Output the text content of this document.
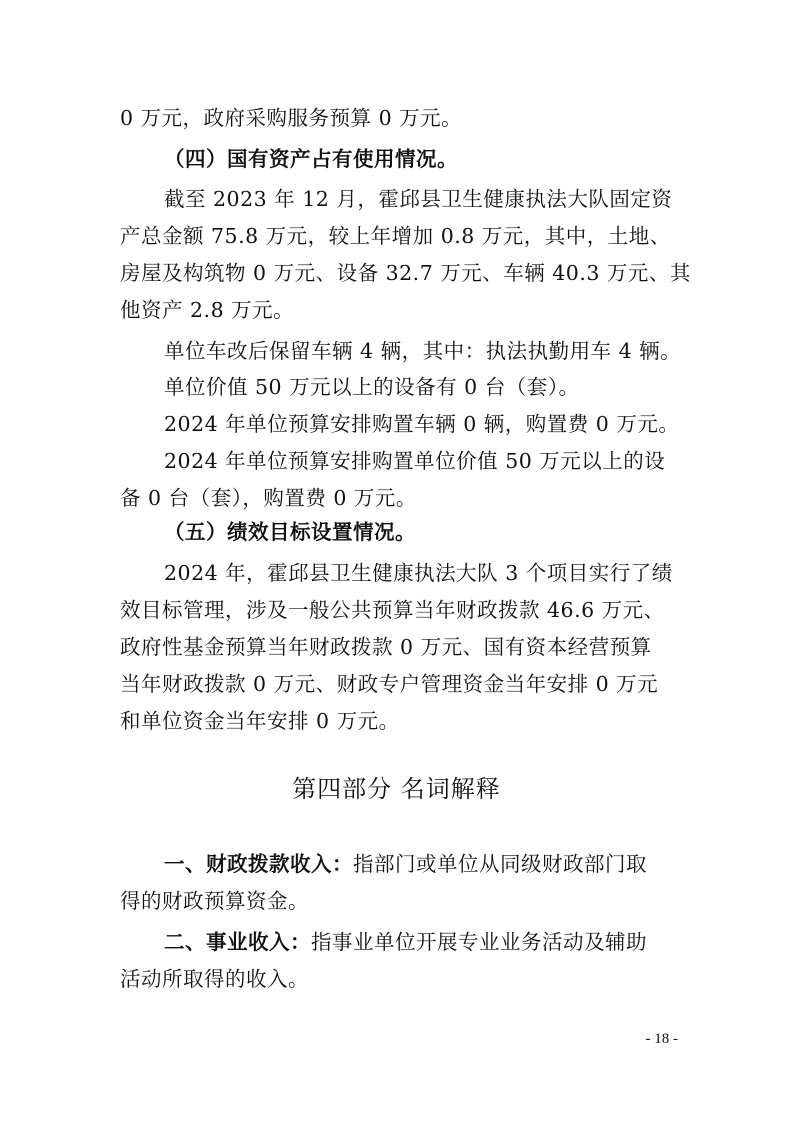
0 万元，政府采购服务预算 0 万元。
（四）国有资产占有使用情况。
截至 2023 年 12 月，霍邱县卫生健康执法大队固定资
产总金额 75.8 万元，较上年增加 0.8 万元，其中，土地、
房屋及构筑物 0 万元、设备 32.7 万元、车辆 40.3 万元、其
他资产 2.8 万元。
单位车改后保留车辆 4 辆，其中：执法执勤用车 4 辆。
单位价值 50 万元以上的设备有 0 台（套）。
2024 年单位预算安排购置车辆 0 辆，购置费 0 万元。
2024 年单位预算安排购置单位价值 50 万元以上的设
备 0 台（套），购置费 0 万元。
（五）绩效目标设置情况。
2024 年，霍邱县卫生健康执法大队 3 个项目实行了绩
效目标管理，涉及一般公共预算当年财政拨款 46.6 万元、
政府性基金预算当年财政拨款 0 万元、国有资本经营预算
当年财政拨款 0 万元、财政专户管理资金当年安排 0 万元
和单位资金当年安排 0 万元。
第四部分 名词解释
一、财政拨款收入：指部门或单位从同级财政部门取
得的财政预算资金。
二、事业收入：指事业单位开展专业业务活动及辅助
活动所取得的收入。
- 18 -
